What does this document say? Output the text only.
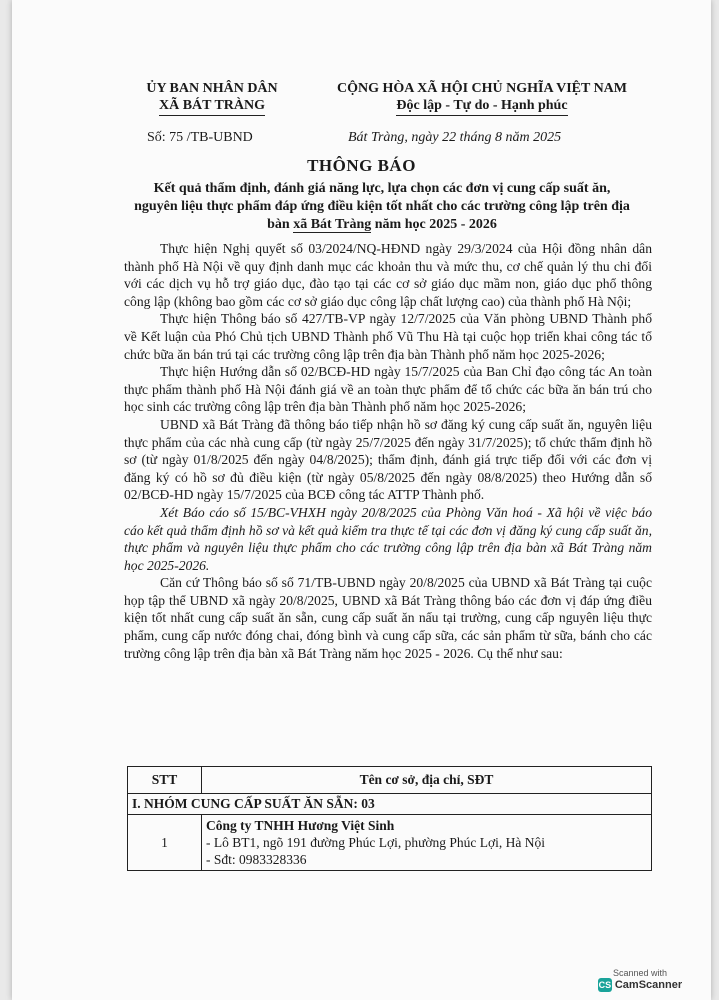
ỦY BAN NHÂN DÂN
XÃ BÁT TRÀNG
CỘNG HÒA XÃ HỘI CHỦ NGHĨA VIỆT NAM
Độc lập - Tự do - Hạnh phúc
Số: 75 /TB-UBND	Bát Tràng, ngày 22 tháng 8 năm 2025
THÔNG BÁO
Kết quả thẩm định, đánh giá năng lực, lựa chọn các đơn vị cung cấp suất ăn, nguyên liệu thực phẩm đáp ứng điều kiện tốt nhất cho các trường công lập trên địa bàn xã Bát Tràng năm học 2025 - 2026

Thực hiện Nghị quyết số 03/2024/NQ-HĐND ngày 29/3/2024 của Hội đồng nhân dân thành phố Hà Nội về quy định danh mục các khoản thu và mức thu, cơ chế quản lý thu chi đối với các dịch vụ hỗ trợ giáo dục, đào tạo tại các cơ sở giáo dục mầm non, giáo dục phổ thông công lập (không bao gồm các cơ sở giáo dục công lập chất lượng cao) của thành phố Hà Nội;

Thực hiện Thông báo số 427/TB-VP ngày 12/7/2025 của Văn phòng UBND Thành phố về Kết luận của Phó Chủ tịch UBND Thành phố Vũ Thu Hà tại cuộc họp triển khai công tác tổ chức bữa ăn bán trú tại các trường công lập trên địa bàn Thành phố năm học 2025-2026;

Thực hiện Hướng dẫn số 02/BCĐ-HD ngày 15/7/2025 của Ban Chỉ đạo công tác An toàn thực phẩm thành phố Hà Nội đánh giá về an toàn thực phẩm để tổ chức các bữa ăn bán trú cho học sinh các trường công lập trên địa bàn Thành phố năm học 2025-2026;

UBND xã Bát Tràng đã thông báo tiếp nhận hồ sơ đăng ký cung cấp suất ăn, nguyên liệu thực phẩm của các nhà cung cấp (từ ngày 25/7/2025 đến ngày 31/7/2025); tổ chức thẩm định hồ sơ (từ ngày 01/8/2025 đến ngày 04/8/2025); thẩm định, đánh giá trực tiếp đối với các đơn vị đăng ký có hồ sơ đủ điều kiện (từ ngày 05/8/2025 đến ngày 08/8/2025) theo Hướng dẫn số 02/BCĐ-HD ngày 15/7/2025 của BCĐ công tác ATTP Thành phố.

Xét Báo cáo số 15/BC-VHXH ngày 20/8/2025 của Phòng Văn hoá - Xã hội về việc báo cáo kết quả thẩm định hồ sơ và kết quả kiểm tra thực tế tại các đơn vị đăng ký cung cấp suất ăn, thực phẩm và nguyên liệu thực phẩm cho các trường công lập trên địa bàn xã Bát Tràng năm học 2025-2026.

Căn cứ Thông báo số số 71/TB-UBND ngày 20/8/2025 của UBND xã Bát Tràng tại cuộc họp tập thể UBND xã ngày 20/8/2025, UBND xã Bát Tràng thông báo các đơn vị đáp ứng điều kiện tốt nhất cung cấp suất ăn sẵn, cung cấp suất ăn nấu tại trường, cung cấp nguyên liệu thực phẩm, cung cấp nước đóng chai, đóng bình và cung cấp sữa, các sản phẩm từ sữa, bánh cho các trường công lập trên địa bàn xã Bát Tràng năm học 2025 - 2026. Cụ thể như sau:

STT	Tên cơ sở, địa chỉ, SĐT
I. NHÓM CUNG CẤP SUẤT ĂN SẴN: 03	
1	Công ty TNHH Hương Việt Sinh
- Lô BT1, ngõ 191 đường Phúc Lợi, phường Phúc Lợi, Hà Nội
- Sđt: 0983328336
Scanned with
CS CamScanner
